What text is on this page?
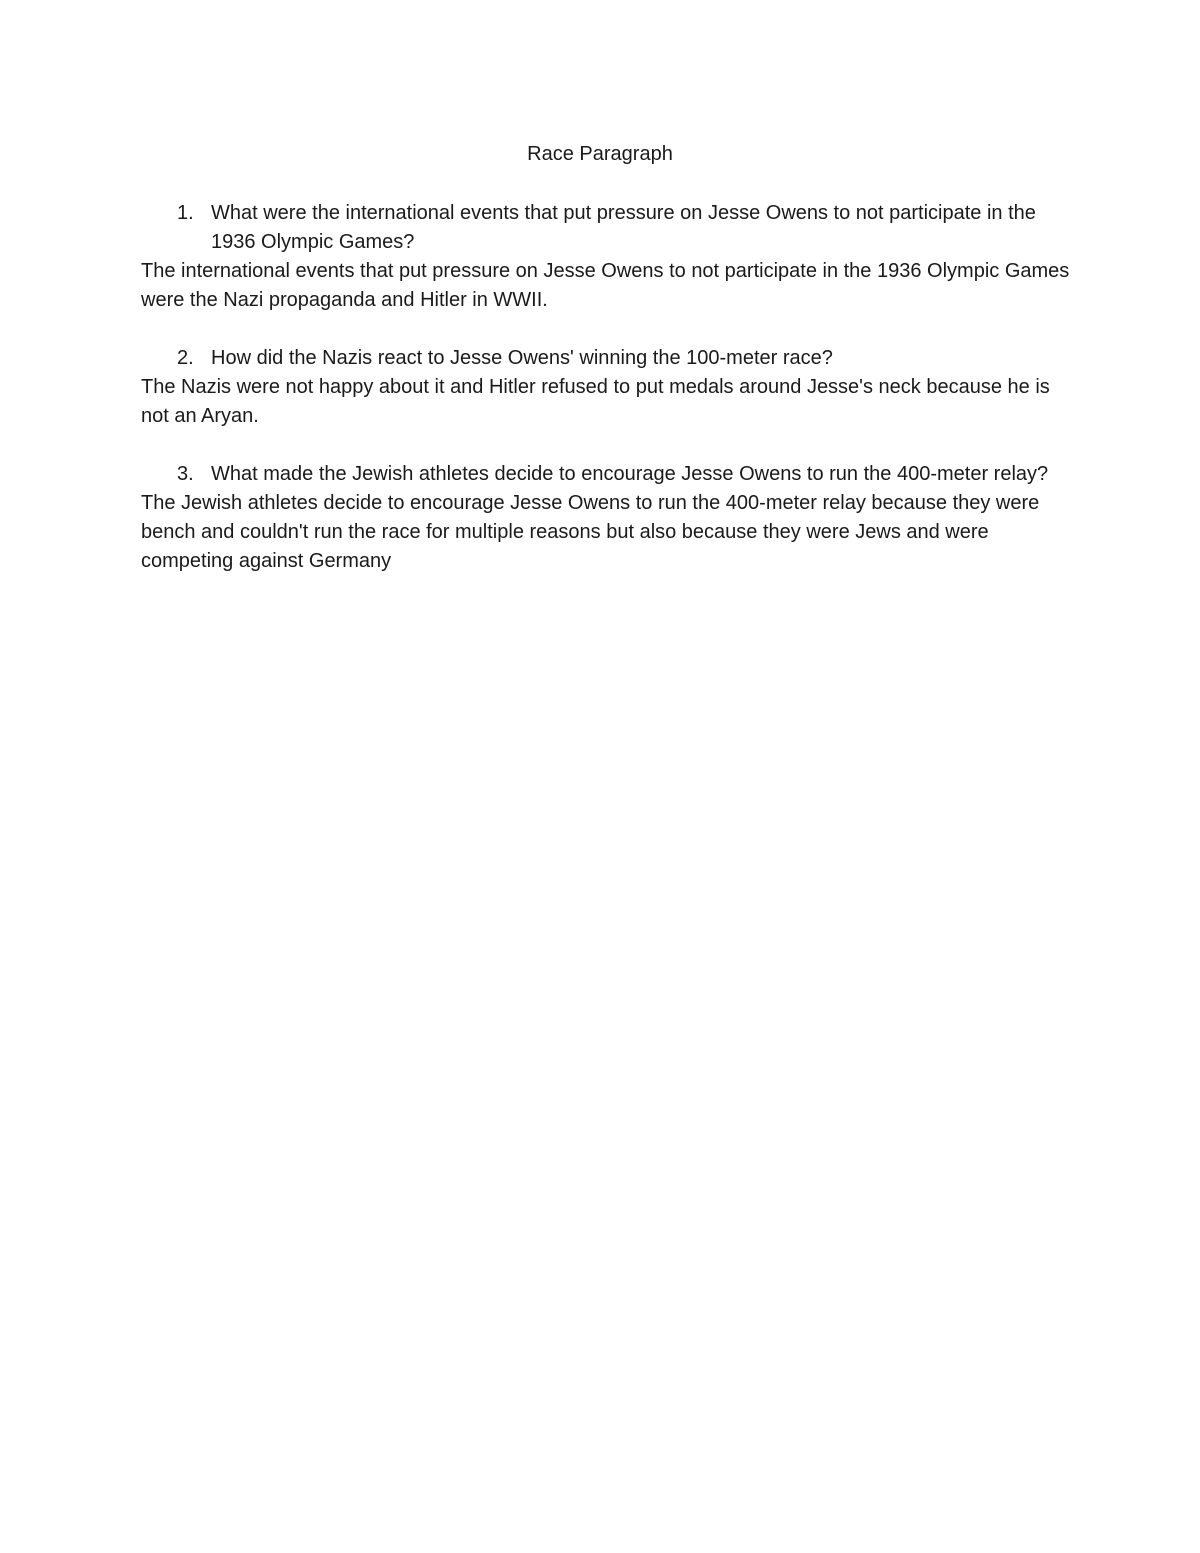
Race Paragraph

1. What were the international events that put pressure on Jesse Owens to not participate in the 1936 Olympic Games?

The international events that put pressure on Jesse Owens to not participate in the 1936 Olympic Games were the Nazi propaganda and Hitler in WWII.

2. How did the Nazis react to Jesse Owens' winning the 100-meter race?

The Nazis were not happy about it and Hitler refused to put medals around Jesse's neck because he is not an Aryan.

3. What made the Jewish athletes decide to encourage Jesse Owens to run the 400-meter relay?

The Jewish athletes decide to encourage Jesse Owens to run the 400-meter relay because they were bench and couldn't run the race for multiple reasons but also because they were Jews and were competing against Germany
